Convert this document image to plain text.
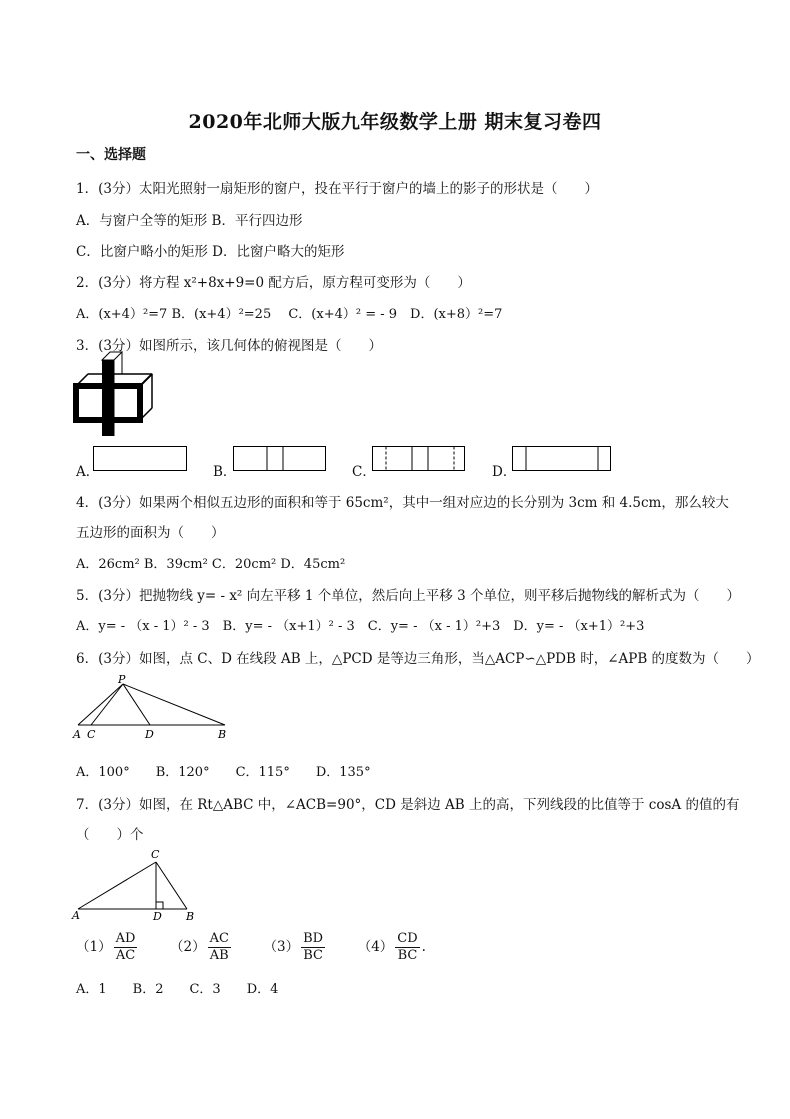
2020年北师大版九年级数学上册 期末复习卷四
一、选择题
1．(3分）太阳光照射一扇矩形的窗户，投在平行于窗户的墙上的影子的形状是（　　）
A．与窗户全等的矩形 B．平行四边形
C．比窗户略小的矩形 D．比窗户略大的矩形
2．(3分）将方程 x²+8x+9=0 配方后，原方程可变形为（　　）
A．(x+4）²=7 B．(x+4）²=25　 C．(x+4）² = - 9　D．(x+8）²=7
3．(3分）如图所示，该几何体的俯视图是（　　）
A．	B．	C．	D．
4．(3分）如果两个相似五边形的面积和等于 65cm²，其中一组对应边的长分别为 3cm 和 4.5cm，那么较大
五边形的面积为（　　）
A．26cm² B．39cm² C．20cm² D．45cm²
5．(3分）把抛物线 y= - x² 向左平移 1 个单位，然后向上平移 3 个单位，则平移后抛物线的解析式为（　　）
A．y= - （x - 1）² - 3　B．y= - （x+1）² - 3　C．y= - （x - 1）²+3　D．y= - （x+1）²+3
6．(3分）如图，点 C、D 在线段 AB 上，△PCD 是等边三角形，当△ACP∽△PDB 时，∠APB 的度数为（　　）
P
A C	D	B
A．100°　　B．120°　　C．115°　　D．135°
7．(3分）如图，在 Rt△ABC 中，∠ACB=90°，CD 是斜边 AB 上的高，下列线段的比值等于 cosA 的值的有
（　　）个
C
A	D B
$(1) \frac{AD}{AC} (2) \frac{AC}{AB} (3) \frac{BD}{BC} (4) \frac{CD}{BC}$ .
A．1　　B．2　　C．3　　D．4
